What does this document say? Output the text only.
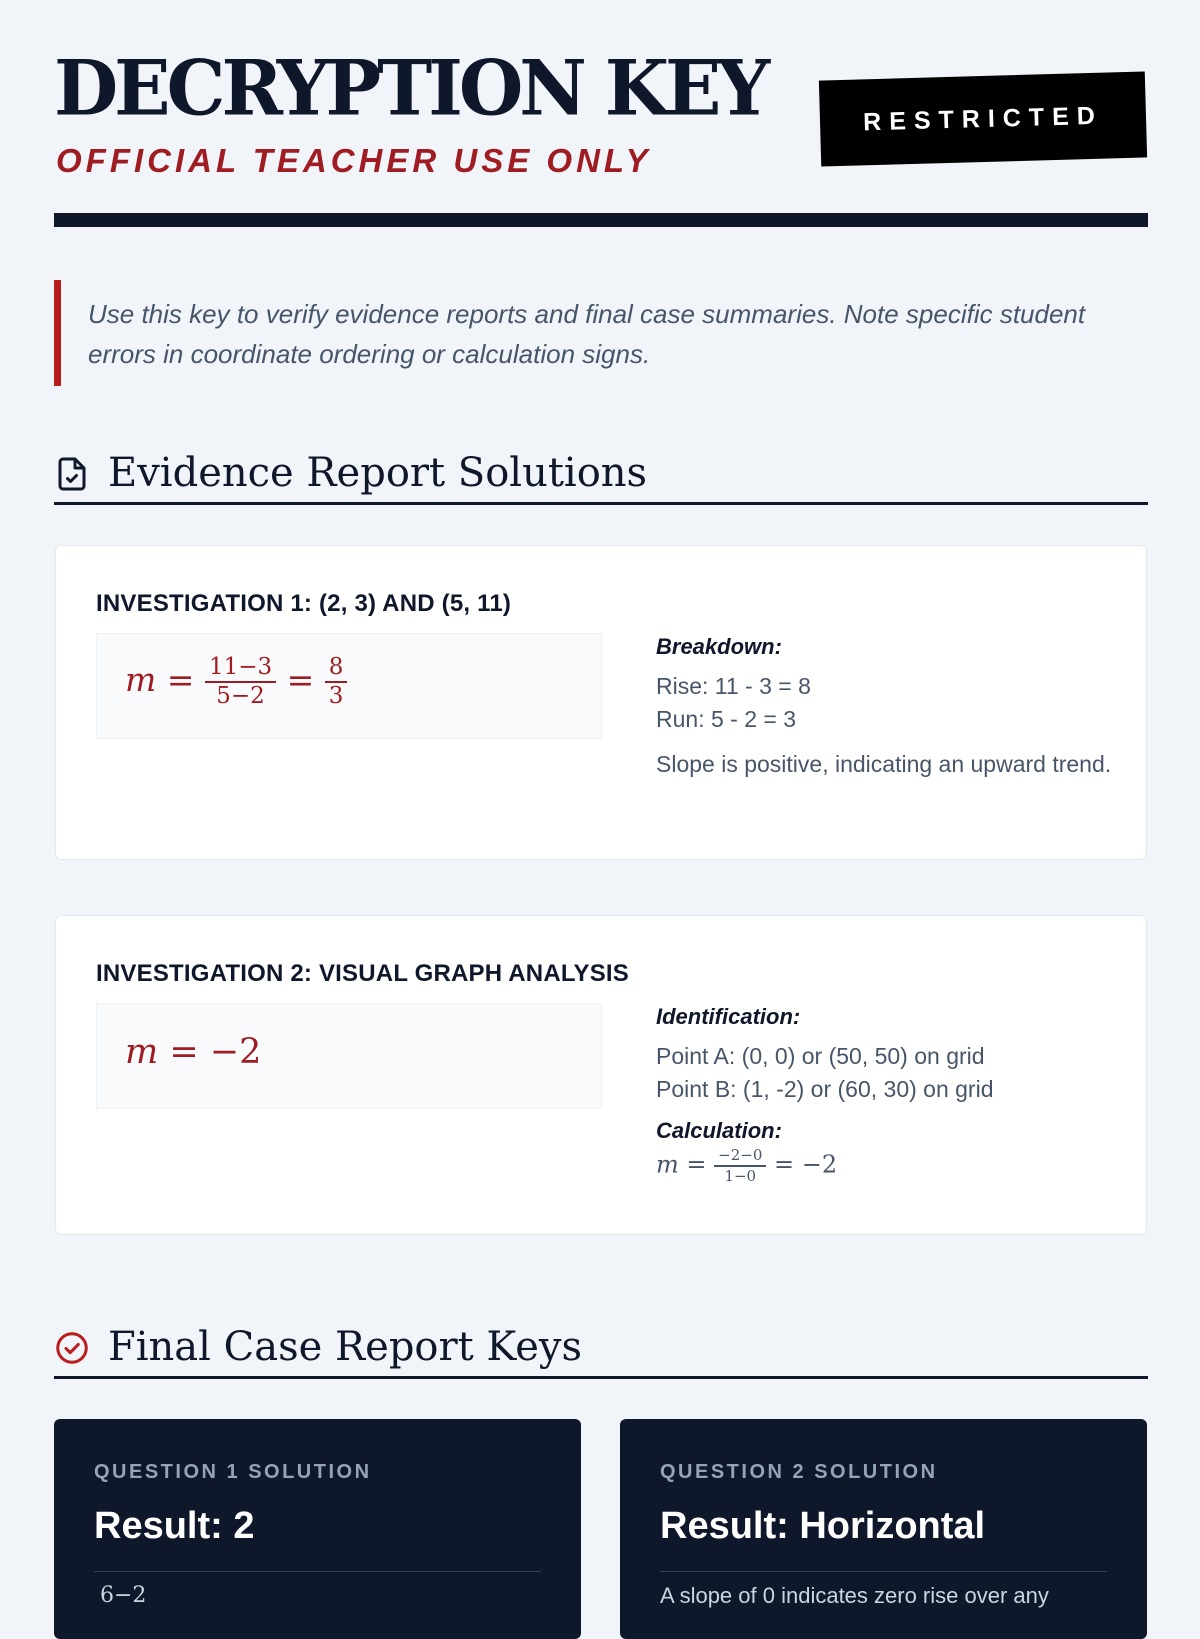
DECRYPTION KEY
OFFICIAL TEACHER USE ONLY
RESTRICTED
Use this key to verify evidence reports and final case summaries. Note specific student errors in coordinate ordering or calculation signs.
Evidence Report Solutions
INVESTIGATION 1: (2, 3) AND (5, 11)
$m = \frac{11-3}{5-2} = \frac{8}{3}$
Breakdown:
Rise: 11 - 3 = 8
Run: 5 - 2 = 3
Slope is positive, indicating an upward trend.
INVESTIGATION 2: VISUAL GRAPH ANALYSIS
m = −2
Identification:
Point A: (0, 0) or (50, 50) on grid
Point B: (1, -2) or (60, 30) on grid
Calculation:
$m = \frac{-2-0}{1-0} = -2$
Final Case Report Keys
QUESTION 1 SOLUTION
Result: 2
6−2
QUESTION 2 SOLUTION
Result: Horizontal
A slope of 0 indicates zero rise over any
